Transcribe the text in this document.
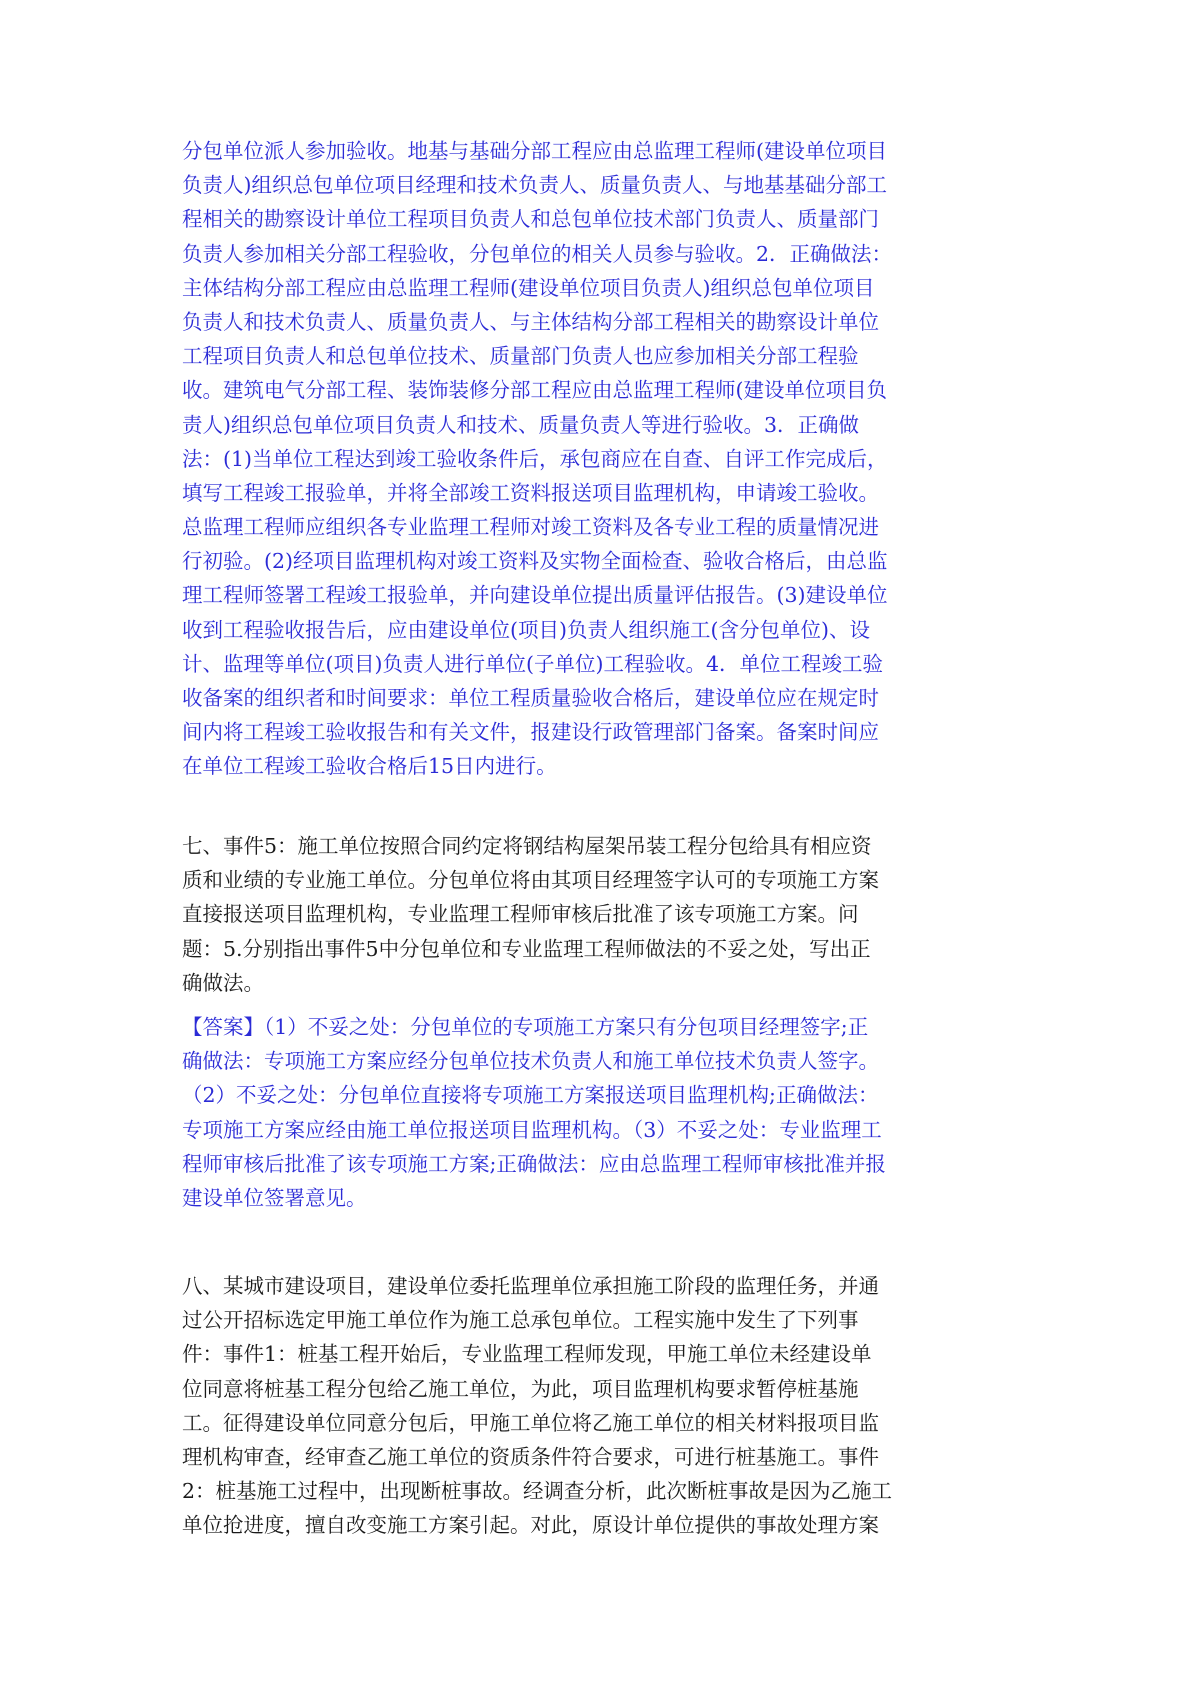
分包单位派人参加验收。地基与基础分部工程应由总监理工程师(建设单位项目
负责人)组织总包单位项目经理和技术负责人、质量负责人、与地基基础分部工
程相关的勘察设计单位工程项目负责人和总包单位技术部门负责人、质量部门
负责人参加相关分部工程验收，分包单位的相关人员参与验收。2．正确做法：
主体结构分部工程应由总监理工程师(建设单位项目负责人)组织总包单位项目
负责人和技术负责人、质量负责人、与主体结构分部工程相关的勘察设计单位
工程项目负责人和总包单位技术、质量部门负责人也应参加相关分部工程验
收。建筑电气分部工程、装饰装修分部工程应由总监理工程师(建设单位项目负
责人)组织总包单位项目负责人和技术、质量负责人等进行验收。3．正确做
法：(1)当单位工程达到竣工验收条件后，承包商应在自查、自评工作完成后，
填写工程竣工报验单，并将全部竣工资料报送项目监理机构，申请竣工验收。
总监理工程师应组织各专业监理工程师对竣工资料及各专业工程的质量情况进
行初验。(2)经项目监理机构对竣工资料及实物全面检查、验收合格后，由总监
理工程师签署工程竣工报验单，并向建设单位提出质量评估报告。(3)建设单位
收到工程验收报告后，应由建设单位(项目)负责人组织施工(含分包单位)、设
计、监理等单位(项目)负责人进行单位(子单位)工程验收。4．单位工程竣工验
收备案的组织者和时间要求：单位工程质量验收合格后，建设单位应在规定时
间内将工程竣工验收报告和有关文件，报建设行政管理部门备案。备案时间应
在单位工程竣工验收合格后15日内进行。
七、事件5：施工单位按照合同约定将钢结构屋架吊装工程分包给具有相应资
质和业绩的专业施工单位。分包单位将由其项目经理签字认可的专项施工方案
直接报送项目监理机构，专业监理工程师审核后批准了该专项施工方案。问
题：5.分别指出事件5中分包单位和专业监理工程师做法的不妥之处，写出正
确做法。
【答案】（1）不妥之处：分包单位的专项施工方案只有分包项目经理签字;正
确做法：专项施工方案应经分包单位技术负责人和施工单位技术负责人签字。
（2）不妥之处：分包单位直接将专项施工方案报送项目监理机构;正确做法：
专项施工方案应经由施工单位报送项目监理机构。（3）不妥之处：专业监理工
程师审核后批准了该专项施工方案;正确做法：应由总监理工程师审核批准并报
建设单位签署意见。
八、某城市建设项目，建设单位委托监理单位承担施工阶段的监理任务，并通
过公开招标选定甲施工单位作为施工总承包单位。工程实施中发生了下列事
件：事件1：桩基工程开始后，专业监理工程师发现，甲施工单位未经建设单
位同意将桩基工程分包给乙施工单位，为此，项目监理机构要求暂停桩基施
工。征得建设单位同意分包后，甲施工单位将乙施工单位的相关材料报项目监
理机构审查，经审查乙施工单位的资质条件符合要求，可进行桩基施工。事件
2：桩基施工过程中，出现断桩事故。经调查分析，此次断桩事故是因为乙施工
单位抢进度，擅自改变施工方案引起。对此，原设计单位提供的事故处理方案
